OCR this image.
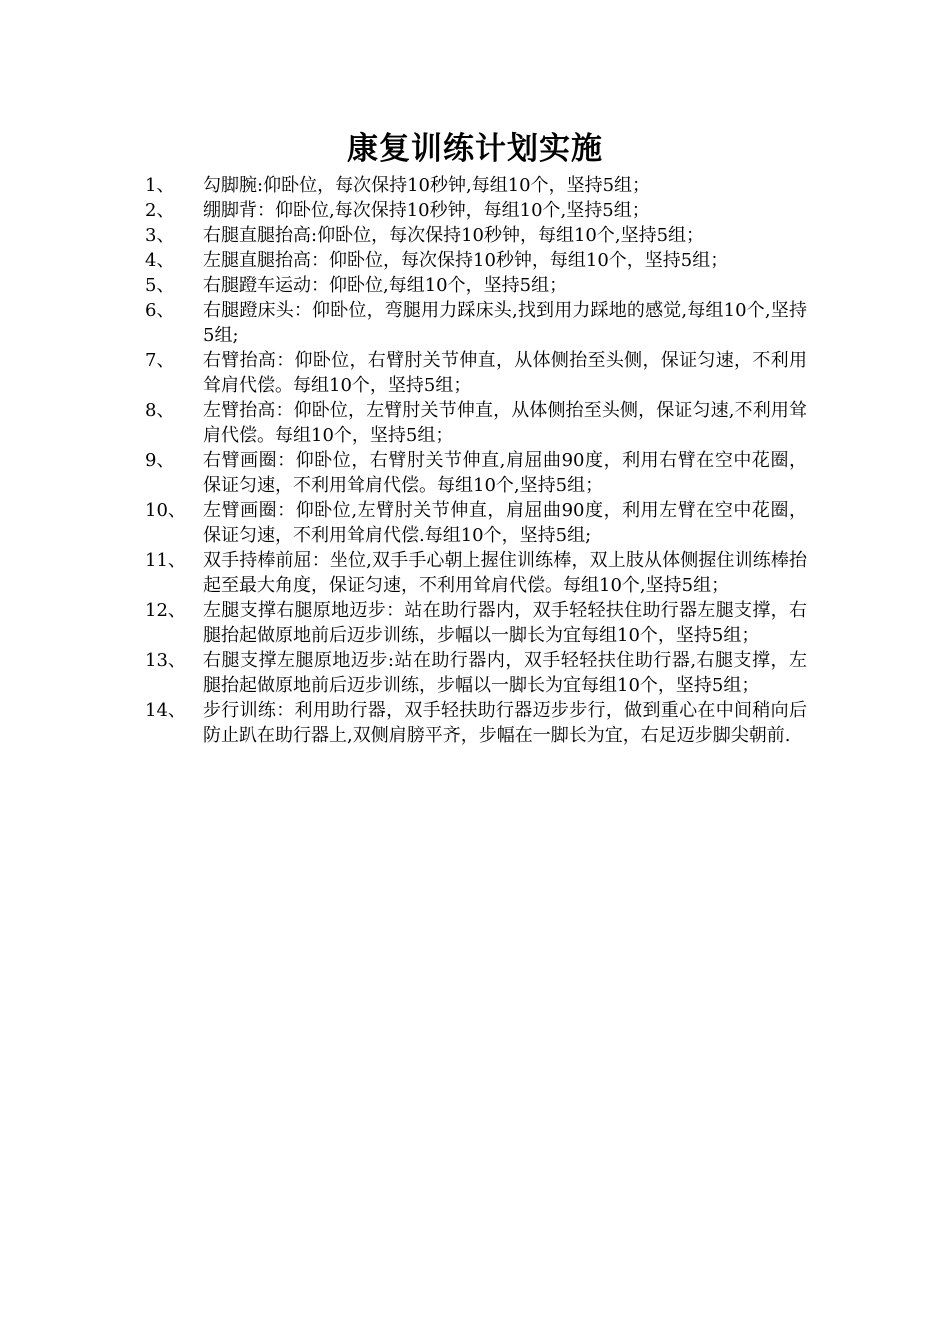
康复训练计划实施
1、	勾脚腕:仰卧位，每次保持10秒钟,每组10个，坚持5组；
2、	绷脚背：仰卧位,每次保持10秒钟，每组10个,坚持5组；
3、	右腿直腿抬高:仰卧位，每次保持10秒钟，每组10个,坚持5组；
4、	左腿直腿抬高：仰卧位，每次保持10秒钟，每组10个，坚持5组；
5、	右腿蹬车运动：仰卧位,每组10个，坚持5组；
6、	右腿蹬床头：仰卧位，弯腿用力踩床头,找到用力踩地的感觉,每组10个,坚持5组;
7、	右臂抬高：仰卧位，右臂肘关节伸直，从体侧抬至头侧，保证匀速，不利用耸肩代偿。每组10个，坚持5组；
8、	左臂抬高：仰卧位，左臂肘关节伸直，从体侧抬至头侧，保证匀速,不利用耸肩代偿。每组10个，坚持5组；
9、	右臂画圈：仰卧位，右臂肘关节伸直,肩屈曲90度，利用右臂在空中花圈，保证匀速，不利用耸肩代偿。每组10个,坚持5组；
10、 左臂画圈：仰卧位,左臂肘关节伸直，肩屈曲90度，利用左臂在空中花圈，保证匀速，不利用耸肩代偿.每组10个，坚持5组;
11、 双手持棒前屈：坐位,双手手心朝上握住训练棒，双上肢从体侧握住训练棒抬起至最大角度，保证匀速，不利用耸肩代偿。每组10个,坚持5组；
12、 左腿支撑右腿原地迈步：站在助行器内，双手轻轻扶住助行器左腿支撑，右腿抬起做原地前后迈步训练，步幅以一脚长为宜每组10个，坚持5组；
13、 右腿支撑左腿原地迈步:站在助行器内，双手轻轻扶住助行器,右腿支撑，左腿抬起做原地前后迈步训练，步幅以一脚长为宜每组10个，坚持5组；
14、 步行训练：利用助行器，双手轻扶助行器迈步步行，做到重心在中间稍向后防止趴在助行器上,双侧肩膀平齐，步幅在一脚长为宜，右足迈步脚尖朝前.
